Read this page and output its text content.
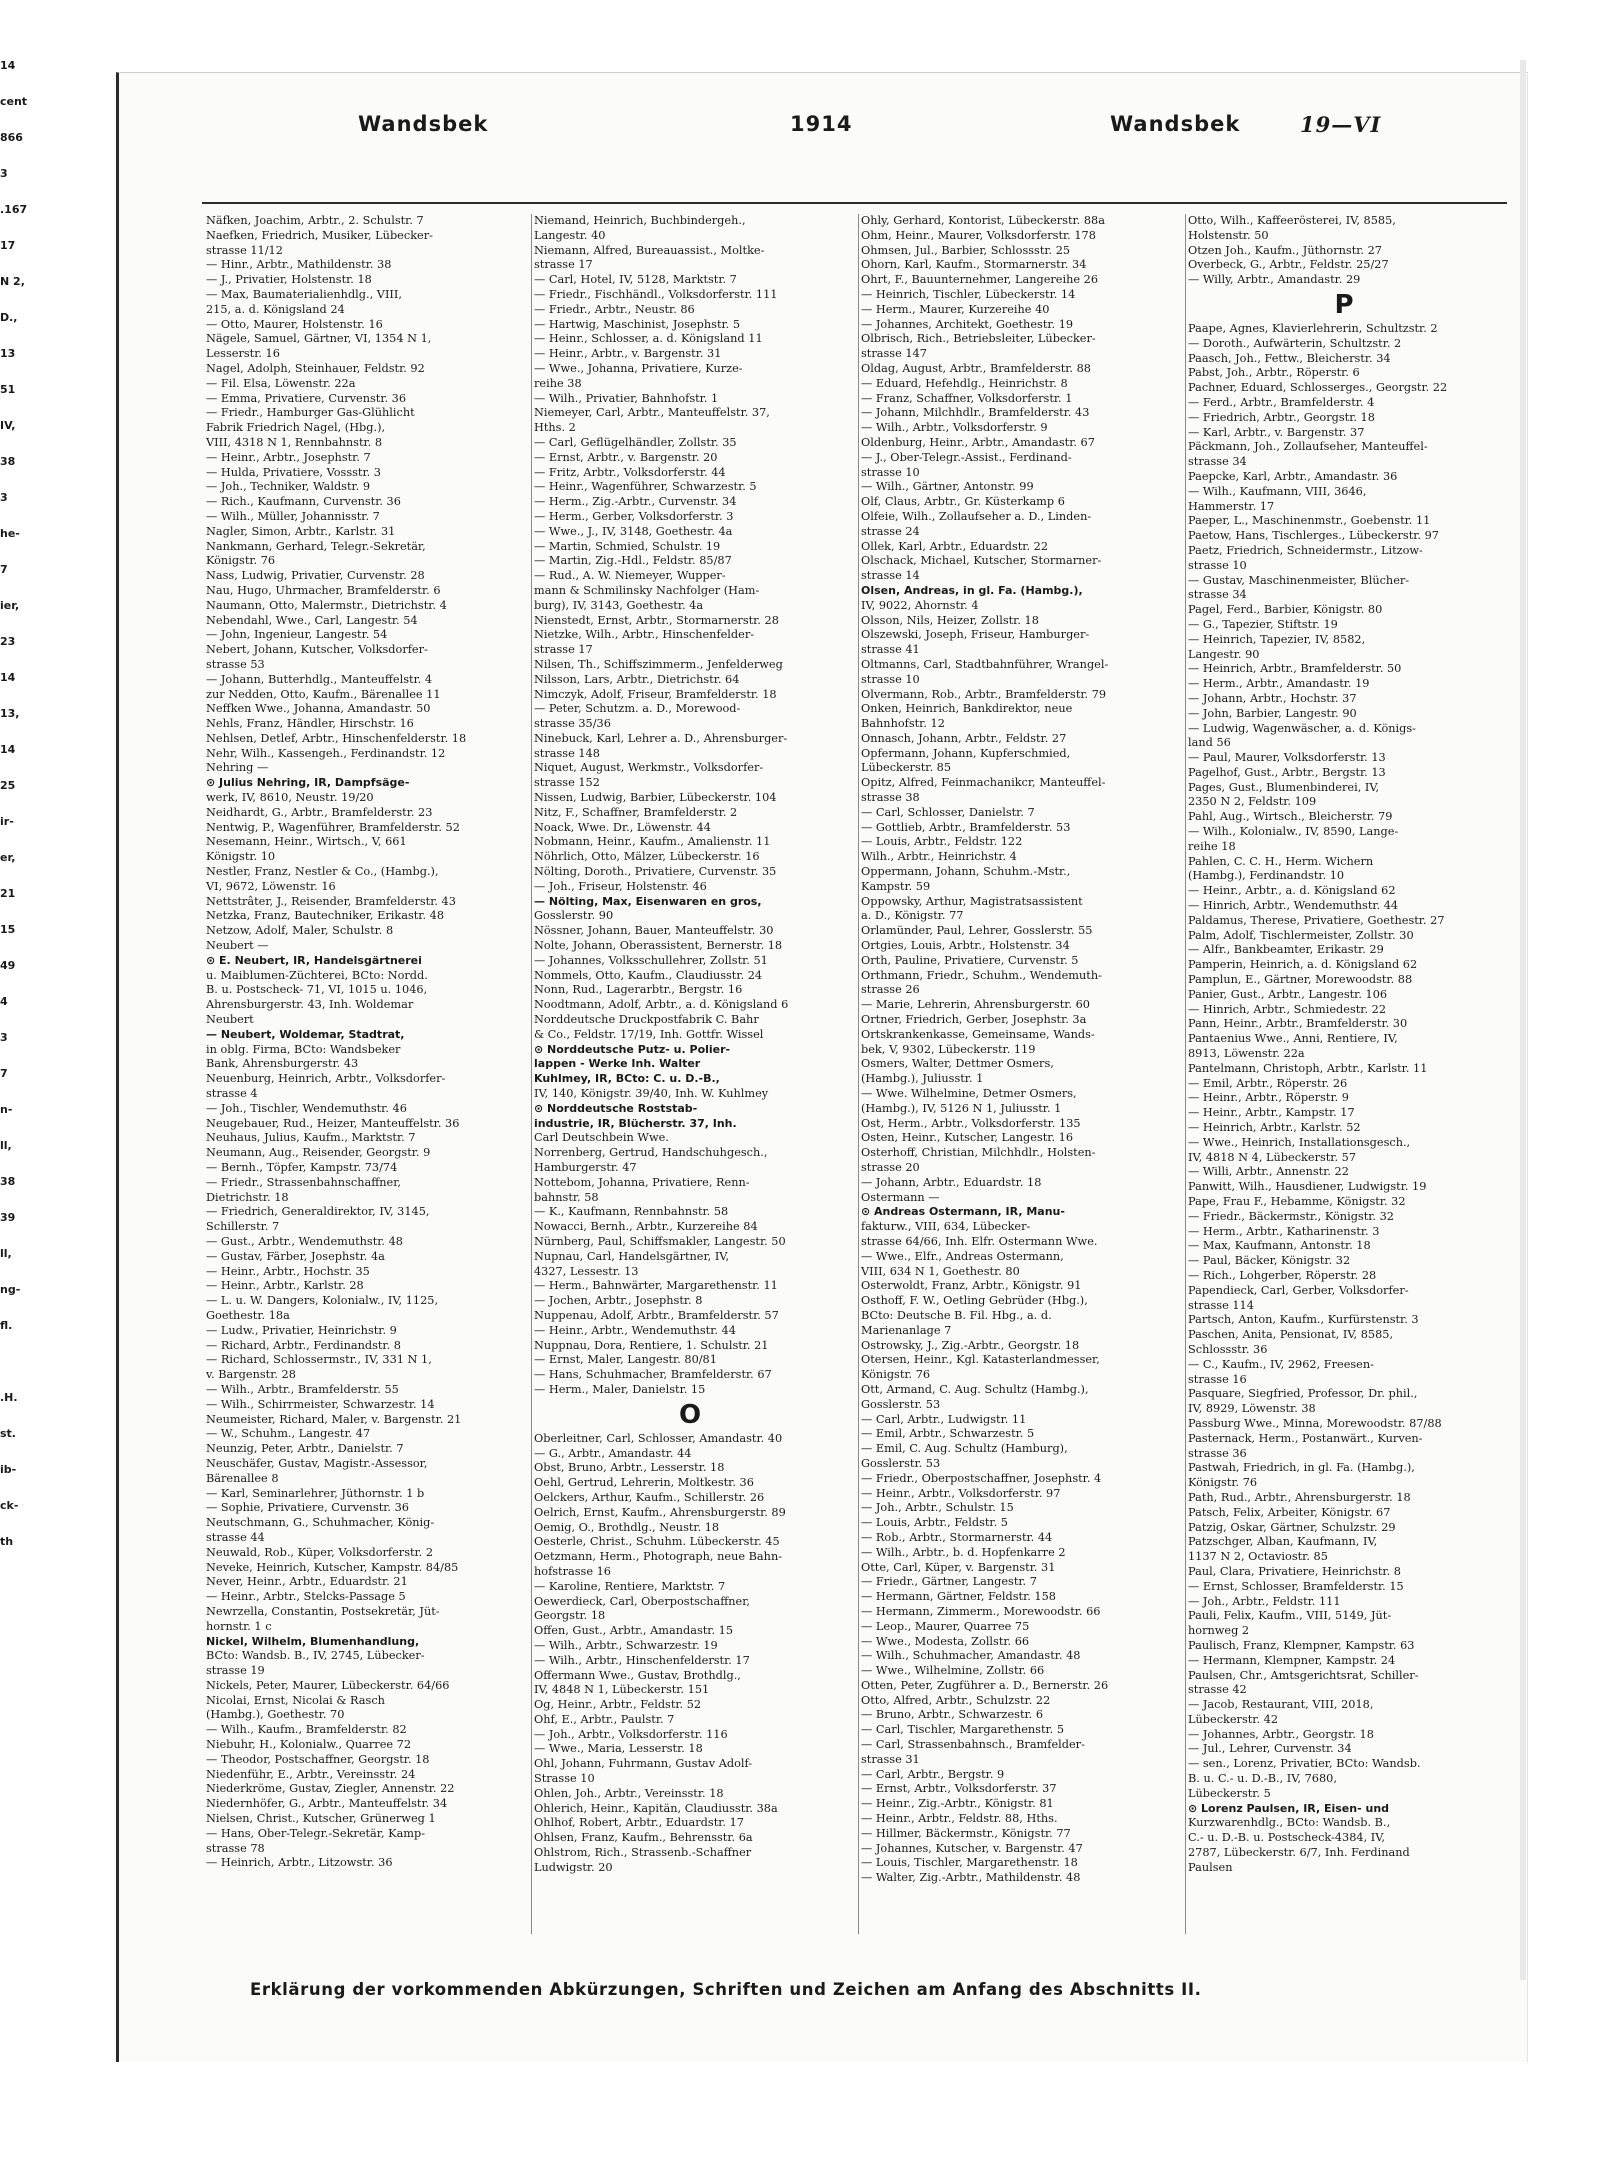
14
cent
866
3
.167
17
N 2,
D.,
13
51
IV,
38
3
he-
7
ier,
23
14
13,
14
25
ir-
er,
21
15
49
4
3
7
n-
ll,
38
39
ll,
ng-
fl.
.H.
st.
ib-
ck-
th
Wandsbek	1914	Wandsbek	19—VI
Näfken, Joachim, Arbtr., 2. Schulstr. 7
Naefken, Friedrich, Musiker, Lübecker-
strasse 11/12
— Hinr., Arbtr., Mathildenstr. 38
— J., Privatier, Holstenstr. 18
— Max, Baumaterialienhdlg., VIII,
215, a. d. Königsland 24
— Otto, Maurer, Holstenstr. 16
Nägele, Samuel, Gärtner, VI, 1354 N 1,
Lesserstr. 16
Nagel, Adolph, Steinhauer, Feldstr. 92
— Fil. Elsa, Löwenstr. 22a
— Emma, Privatiere, Curvenstr. 36
— Friedr., Hamburger Gas-Glühlicht
Fabrik Friedrich Nagel, (Hbg.),
VIII, 4318 N 1, Rennbahnstr. 8
— Heinr., Arbtr., Josephstr. 7
— Hulda, Privatiere, Vossstr. 3
— Joh., Techniker, Waldstr. 9
— Rich., Kaufmann, Curvenstr. 36
— Wilh., Müller, Johannisstr. 7
Nagler, Simon, Arbtr., Karlstr. 31
Nankmann, Gerhard, Telegr.-Sekretär,
Königstr. 76
Nass, Ludwig, Privatier, Curvenstr. 28
Nau, Hugo, Uhrmacher, Bramfelderstr. 6
Naumann, Otto, Malermstr., Dietrichstr. 4
Nebendahl, Wwe., Carl, Langestr. 54
— John, Ingenieur, Langestr. 54
Nebert, Johann, Kutscher, Volksdorfer-
strasse 53
— Johann, Butterhdlg., Manteuffelstr. 4
zur Nedden, Otto, Kaufm., Bärenallee 11
Neffken Wwe., Johanna, Amandastr. 50
Nehls, Franz, Händler, Hirschstr. 16
Nehlsen, Detlef, Arbtr., Hinschenfelderstr. 18
Nehr, Wilh., Kassengeh., Ferdinandstr. 12
Nehring —
⊙ Julius Nehring, IR, Dampfsäge-
werk, IV, 8610, Neustr. 19/20
Neidhardt, G., Arbtr., Bramfelderstr. 23
Nentwig, P., Wagenführer, Bramfelderstr. 52
Nesemann, Heinr., Wirtsch., V, 661
Königstr. 10
Nestler, Franz, Nestler & Co., (Hambg.),
VI, 9672, Löwenstr. 16
Nettstrâter, J., Reisender, Bramfelderstr. 43
Netzka, Franz, Bautechniker, Erikastr. 48
Netzow, Adolf, Maler, Schulstr. 8
Neubert —
⊙ E. Neubert, IR, Handelsgärtnerei
u. Maiblumen-Züchterei, BCto: Nordd.
B. u. Postscheck- 71, VI, 1015 u. 1046,
Ahrensburgerstr. 43, Inh. Woldemar
Neubert
— Neubert, Woldemar, Stadtrat,
in oblg. Firma, BCto: Wandsbeker
Bank, Ahrensburgerstr. 43
Neuenburg, Heinrich, Arbtr., Volksdorfer-
strasse 4
— Joh., Tischler, Wendemuthstr. 46
Neugebauer, Rud., Heizer, Manteuffelstr. 36
Neuhaus, Julius, Kaufm., Marktstr. 7
Neumann, Aug., Reisender, Georgstr. 9
— Bernh., Töpfer, Kampstr. 73/74
— Friedr., Strassenbahnschaffner,
Dietrichstr. 18
— Friedrich, Generaldirektor, IV, 3145,
Schillerstr. 7
— Gust., Arbtr., Wendemuthstr. 48
— Gustav, Färber, Josephstr. 4a
— Heinr., Arbtr., Hochstr. 35
— Heinr., Arbtr., Karlstr. 28
— L. u. W. Dangers, Kolonialw., IV, 1125,
Goethestr. 18a
— Ludw., Privatier, Heinrichstr. 9
— Richard, Arbtr., Ferdinandstr. 8
— Richard, Schlossermstr., IV, 331 N 1,
v. Bargenstr. 28
— Wilh., Arbtr., Bramfelderstr. 55
— Wilh., Schirrmeister, Schwarzestr. 14
Neumeister, Richard, Maler, v. Bargenstr. 21
— W., Schuhm., Langestr. 47
Neunzig, Peter, Arbtr., Danielstr. 7
Neuschäfer, Gustav, Magistr.-Assessor,
Bärenallee 8
— Karl, Seminarlehrer, Jüthornstr. 1 b
— Sophie, Privatiere, Curvenstr. 36
Neutschmann, G., Schuhmacher, König-
strasse 44
Neuwald, Rob., Küper, Volksdorferstr. 2
Neveke, Heinrich, Kutscher, Kampstr. 84/85
Never, Heinr., Arbtr., Eduardstr. 21
— Heinr., Arbtr., Stelcks-Passage 5
Newrzella, Constantin, Postsekretär, Jüt-
hornstr. 1 c
Nickel, Wilhelm, Blumenhandlung,
BCto: Wandsb. B., IV, 2745, Lübecker-
strasse 19
Nickels, Peter, Maurer, Lübeckerstr. 64/66
Nicolai, Ernst, Nicolai & Rasch
(Hambg.), Goethestr. 70
— Wilh., Kaufm., Bramfelderstr. 82
Niebuhr, H., Kolonialw., Quarree 72
— Theodor, Postschaffner, Georgstr. 18
Niedenführ, E., Arbtr., Vereinsstr. 24
Niederkröme, Gustav, Ziegler, Annenstr. 22
Niedernhöfer, G., Arbtr., Manteuffelstr. 34
Nielsen, Christ., Kutscher, Grünerweg 1
— Hans, Ober-Telegr.-Sekretär, Kamp-
strasse 78
— Heinrich, Arbtr., Litzowstr. 36
Niemand, Heinrich, Buchbindergeh.,
Langestr. 40
Niemann, Alfred, Bureauassist., Moltke-
strasse 17
— Carl, Hotel, IV, 5128, Marktstr. 7
— Friedr., Fischhändl., Volksdorferstr. 111
— Friedr., Arbtr., Neustr. 86
— Hartwig, Maschinist, Josephstr. 5
— Heinr., Schlosser, a. d. Königsland 11
— Heinr., Arbtr., v. Bargenstr. 31
— Wwe., Johanna, Privatiere, Kurze-
reihe 38
— Wilh., Privatier, Bahnhofstr. 1
Niemeyer, Carl, Arbtr., Manteuffelstr. 37,
Hths. 2
— Carl, Geflügelhändler, Zollstr. 35
— Ernst, Arbtr., v. Bargenstr. 20
— Fritz, Arbtr., Volksdorferstr. 44
— Heinr., Wagenführer, Schwarzestr. 5
— Herm., Zig.-Arbtr., Curvenstr. 34
— Herm., Gerber, Volksdorferstr. 3
— Wwe., J., IV, 3148, Goethestr. 4a
— Martin, Schmied, Schulstr. 19
— Martin, Zig.-Hdl., Feldstr. 85/87
— Rud., A. W. Niemeyer, Wupper-
mann & Schmilinsky Nachfolger (Ham-
burg), IV, 3143, Goethestr. 4a
Nienstedt, Ernst, Arbtr., Stormarnerstr. 28
Nietzke, Wilh., Arbtr., Hinschenfelder-
strasse 17
Nilsen, Th., Schiffszimmerm., Jenfelderweg
Nilsson, Lars, Arbtr., Dietrichstr. 64
Nimczyk, Adolf, Friseur, Bramfelderstr. 18
— Peter, Schutzm. a. D., Morewood-
strasse 35/36
Ninebuck, Karl, Lehrer a. D., Ahrensburger-
strasse 148
Niquet, August, Werkmstr., Volksdorfer-
strasse 152
Nissen, Ludwig, Barbier, Lübeckerstr. 104
Nitz, F., Schaffner, Bramfelderstr. 2
Noack, Wwe. Dr., Löwenstr. 44
Nobmann, Heinr., Kaufm., Amalienstr. 11
Nöhrlich, Otto, Mälzer, Lübeckerstr. 16
Nölting, Doroth., Privatiere, Curvenstr. 35
— Joh., Friseur, Holstenstr. 46
— Nölting, Max, Eisenwaren en gros,
Gosslerstr. 90
Nössner, Johann, Bauer, Manteuffelstr. 30
Nolte, Johann, Oberassistent, Bernerstr. 18
— Johannes, Volksschullehrer, Zollstr. 51
Nommels, Otto, Kaufm., Claudiusstr. 24
Nonn, Rud., Lagerarbtr., Bergstr. 16
Noodtmann, Adolf, Arbtr., a. d. Königsland 6
Norddeutsche Druckpostfabrik C. Bahr
& Co., Feldstr. 17/19, Inh. Gottfr. Wissel
⊙ Norddeutsche Putz- u. Polier-
lappen - Werke Inh. Walter
Kuhlmey, IR, BCto: C. u. D.-B.,
IV, 140, Königstr. 39/40, Inh. W. Kuhlmey
⊙ Norddeutsche Roststab-
industrie, IR, Blücherstr. 37, Inh.
Carl Deutschbein Wwe.
Norrenberg, Gertrud, Handschuhgesch.,
Hamburgerstr. 47
Nottebom, Johanna, Privatiere, Renn-
bahnstr. 58
— K., Kaufmann, Rennbahnstr. 58
Nowacci, Bernh., Arbtr., Kurzereihe 84
Nürnberg, Paul, Schiffsmakler, Langestr. 50
Nupnau, Carl, Handelsgärtner, IV,
4327, Lessestr. 13
— Herm., Bahnwärter, Margarethenstr. 11
— Jochen, Arbtr., Josephstr. 8
Nuppenau, Adolf, Arbtr., Bramfelderstr. 57
— Heinr., Arbtr., Wendemuthstr. 44
Nuppnau, Dora, Rentiere, 1. Schulstr. 21
— Ernst, Maler, Langestr. 80/81
— Hans, Schuhmacher, Bramfelderstr. 67
— Herm., Maler, Danielstr. 15
O
Oberleitner, Carl, Schlosser, Amandastr. 40
— G., Arbtr., Amandastr. 44
Obst, Bruno, Arbtr., Lesserstr. 18
Oehl, Gertrud, Lehrerin, Moltkestr. 36
Oelckers, Arthur, Kaufm., Schillerstr. 26
Oelrich, Ernst, Kaufm., Ahrensburgerstr. 89
Oemig, O., Brothdlg., Neustr. 18
Oesterle, Christ., Schuhm. Lübeckerstr. 45
Oetzmann, Herm., Photograph, neue Bahn-
hofstrasse 16
— Karoline, Rentiere, Marktstr. 7
Oewerdieck, Carl, Oberpostschaffner,
Georgstr. 18
Offen, Gust., Arbtr., Amandastr. 15
— Wilh., Arbtr., Schwarzestr. 19
— Wilh., Arbtr., Hinschenfelderstr. 17
Offermann Wwe., Gustav, Brothdlg.,
IV, 4848 N 1, Lübeckerstr. 151
Og, Heinr., Arbtr., Feldstr. 52
Ohf, E., Arbtr., Paulstr. 7
— Joh., Arbtr., Volksdorferstr. 116
— Wwe., Maria, Lesserstr. 18
Ohl, Johann, Fuhrmann, Gustav Adolf-
Strasse 10
Ohlen, Joh., Arbtr., Vereinsstr. 18
Ohlerich, Heinr., Kapitän, Claudiusstr. 38a
Ohlhof, Robert, Arbtr., Eduardstr. 17
Ohlsen, Franz, Kaufm., Behrensstr. 6a
Ohlstrom, Rich., Strassenb.-Schaffner
Ludwigstr. 20
Ohly, Gerhard, Kontorist, Lübeckerstr. 88a
Ohm, Heinr., Maurer, Volksdorferstr. 178
Ohmsen, Jul., Barbier, Schlossstr. 25
Ohorn, Karl, Kaufm., Stormarnerstr. 34
Ohrt, F., Bauunternehmer, Langereihe 26
— Heinrich, Tischler, Lübeckerstr. 14
— Herm., Maurer, Kurzereihe 40
— Johannes, Architekt, Goethestr. 19
Olbrisch, Rich., Betriebsleiter, Lübecker-
strasse 147
Oldag, August, Arbtr., Bramfelderstr. 88
— Eduard, Hefehdlg., Heinrichstr. 8
— Franz, Schaffner, Volksdorferstr. 1
— Johann, Milchhdlr., Bramfelderstr. 43
— Wilh., Arbtr., Volksdorferstr. 9
Oldenburg, Heinr., Arbtr., Amandastr. 67
— J., Ober-Telegr.-Assist., Ferdinand-
strasse 10
— Wilh., Gärtner, Antonstr. 99
Olf, Claus, Arbtr., Gr. Küsterkamp 6
Olfeie, Wilh., Zollaufseher a. D., Linden-
strasse 24
Ollek, Karl, Arbtr., Eduardstr. 22
Olschack, Michael, Kutscher, Stormarner-
strasse 14
Olsen, Andreas, in gl. Fa. (Hambg.),
IV, 9022, Ahornstr. 4
Olsson, Nils, Heizer, Zollstr. 18
Olszewski, Joseph, Friseur, Hamburger-
strasse 41
Oltmanns, Carl, Stadtbahnführer, Wrangel-
strasse 10
Olvermann, Rob., Arbtr., Bramfelderstr. 79
Onken, Heinrich, Bankdirektor, neue
Bahnhofstr. 12
Onnasch, Johann, Arbtr., Feldstr. 27
Opfermann, Johann, Kupferschmied,
Lübeckerstr. 85
Opitz, Alfred, Feinmachanikcr, Manteuffel-
strasse 38
— Carl, Schlosser, Danielstr. 7
— Gottlieb, Arbtr., Bramfelderstr. 53
— Louis, Arbtr., Feldstr. 122
Wilh., Arbtr., Heinrichstr. 4
Oppermann, Johann, Schuhm.-Mstr.,
Kampstr. 59
Oppowsky, Arthur, Magistratsassistent
a. D., Königstr. 77
Orlamünder, Paul, Lehrer, Gosslerstr. 55
Ortgies, Louis, Arbtr., Holstenstr. 34
Orth, Pauline, Privatiere, Curvenstr. 5
Orthmann, Friedr., Schuhm., Wendemuth-
strasse 26
— Marie, Lehrerin, Ahrensburgerstr. 60
Ortner, Friedrich, Gerber, Josephstr. 3a
Ortskrankenkasse, Gemeinsame, Wands-
bek, V, 9302, Lübeckerstr. 119
Osmers, Walter, Dettmer Osmers,
(Hambg.), Juliusstr. 1
— Wwe. Wilhelmine, Detmer Osmers,
(Hambg.), IV, 5126 N 1, Juliusstr. 1
Ost, Herm., Arbtr., Volksdorferstr. 135
Osten, Heinr., Kutscher, Langestr. 16
Osterhoff, Christian, Milchhdlr., Holsten-
strasse 20
— Johann, Arbtr., Eduardstr. 18
Ostermann —
⊙ Andreas Ostermann, IR, Manu-
fakturw., VIII, 634, Lübecker-
strasse 64/66, Inh. Elfr. Ostermann Wwe.
— Wwe., Elfr., Andreas Ostermann,
VIII, 634 N 1, Goethestr. 80
Osterwoldt, Franz, Arbtr., Königstr. 91
Osthoff, F. W., Oetling Gebrüder (Hbg.),
BCto: Deutsche B. Fil. Hbg., a. d.
Marienanlage 7
Ostrowsky, J., Zig.-Arbtr., Georgstr. 18
Otersen, Heinr., Kgl. Katasterlandmesser,
Königstr. 76
Ott, Armand, C. Aug. Schultz (Hambg.),
Gosslerstr. 53
— Carl, Arbtr., Ludwigstr. 11
— Emil, Arbtr., Schwarzestr. 5
— Emil, C. Aug. Schultz (Hamburg),
Gosslerstr. 53
— Friedr., Oberpostschaffner, Josephstr. 4
— Heinr., Arbtr., Volksdorferstr. 97
— Joh., Arbtr., Schulstr. 15
— Louis, Arbtr., Feldstr. 5
— Rob., Arbtr., Stormarnerstr. 44
— Wilh., Arbtr., b. d. Hopfenkarre 2
Otte, Carl, Küper, v. Bargenstr. 31
— Friedr., Gärtner, Langestr. 7
— Hermann, Gärtner, Feldstr. 158
— Hermann, Zimmerm., Morewoodstr. 66
— Leop., Maurer, Quarree 75
— Wwe., Modesta, Zollstr. 66
— Wilh., Schuhmacher, Amandastr. 48
— Wwe., Wilhelmine, Zollstr. 66
Otten, Peter, Zugführer a. D., Bernerstr. 26
Otto, Alfred, Arbtr., Schulzstr. 22
— Bruno, Arbtr., Schwarzestr. 6
— Carl, Tischler, Margarethenstr. 5
— Carl, Strassenbahnsch., Bramfelder-
strasse 31
— Carl, Arbtr., Bergstr. 9
— Ernst, Arbtr., Volksdorferstr. 37
— Heinr., Zig.-Arbtr., Königstr. 81
— Heinr., Arbtr., Feldstr. 88, Hths.
— Hillmer, Bäckermstr., Königstr. 77
— Johannes, Kutscher, v. Bargenstr. 47
— Louis, Tischler, Margarethenstr. 18
— Walter, Zig.-Arbtr., Mathildenstr. 48
Otto, Wilh., Kaffeerösterei, IV, 8585,
Holstenstr. 50
Otzen Joh., Kaufm., Jüthornstr. 27
Overbeck, G., Arbtr., Feldstr. 25/27
— Willy, Arbtr., Amandastr. 29
P
Paape, Agnes, Klavierlehrerin, Schultzstr. 2
— Doroth., Aufwärterin, Schultzstr. 2
Paasch, Joh., Fettw., Bleicherstr. 34
Pabst, Joh., Arbtr., Röperstr. 6
Pachner, Eduard, Schlosserges., Georgstr. 22
— Ferd., Arbtr., Bramfelderstr. 4
— Friedrich, Arbtr., Georgstr. 18
— Karl, Arbtr., v. Bargenstr. 37
Päckmann, Joh., Zollaufseher, Manteuffel-
strasse 34
Paepcke, Karl, Arbtr., Amandastr. 36
— Wilh., Kaufmann, VIII, 3646,
Hammerstr. 17
Paeper, L., Maschinenmstr., Goebenstr. 11
Paetow, Hans, Tischlerges., Lübeckerstr. 97
Paetz, Friedrich, Schneidermstr., Litzow-
strasse 10
— Gustav, Maschinenmeister, Blücher-
strasse 34
Pagel, Ferd., Barbier, Königstr. 80
— G., Tapezier, Stiftstr. 19
— Heinrich, Tapezier, IV, 8582,
Langestr. 90
— Heinrich, Arbtr., Bramfelderstr. 50
— Herm., Arbtr., Amandastr. 19
— Johann, Arbtr., Hochstr. 37
— John, Barbier, Langestr. 90
— Ludwig, Wagenwäscher, a. d. Königs-
land 56
— Paul, Maurer, Volksdorferstr. 13
Pagelhof, Gust., Arbtr., Bergstr. 13
Pages, Gust., Blumenbinderei, IV,
2350 N 2, Feldstr. 109
Pahl, Aug., Wirtsch., Bleicherstr. 79
— Wilh., Kolonialw., IV, 8590, Lange-
reihe 18
Pahlen, C. C. H., Herm. Wichern
(Hambg.), Ferdinandstr. 10
— Heinr., Arbtr., a. d. Königsland 62
— Hinrich, Arbtr., Wendemuthstr. 44
Paldamus, Therese, Privatiere, Goethestr. 27
Palm, Adolf, Tischlermeister, Zollstr. 30
— Alfr., Bankbeamter, Erikastr. 29
Pamperin, Heinrich, a. d. Königsland 62
Pamplun, E., Gärtner, Morewoodstr. 88
Panier, Gust., Arbtr., Langestr. 106
— Hinrich, Arbtr., Schmiedestr. 22
Pann, Heinr., Arbtr., Bramfelderstr. 30
Pantaenius Wwe., Anni, Rentiere, IV,
8913, Löwenstr. 22a
Pantelmann, Christoph, Arbtr., Karlstr. 11
— Emil, Arbtr., Röperstr. 26
— Heinr., Arbtr., Röperstr. 9
— Heinr., Arbtr., Kampstr. 17
— Heinrich, Arbtr., Karlstr. 52
— Wwe., Heinrich, Installationsgesch.,
IV, 4818 N 4, Lübeckerstr. 57
— Willi, Arbtr., Annenstr. 22
Panwitt, Wilh., Hausdiener, Ludwigstr. 19
Pape, Frau F., Hebamme, Königstr. 32
— Friedr., Bäckermstr., Königstr. 32
— Herm., Arbtr., Katharinenstr. 3
— Max, Kaufmann, Antonstr. 18
— Paul, Bäcker, Königstr. 32
— Rich., Lohgerber, Röperstr. 28
Papendieck, Carl, Gerber, Volksdorfer-
strasse 114
Partsch, Anton, Kaufm., Kurfürstenstr. 3
Paschen, Anita, Pensionat, IV, 8585,
Schlossstr. 36
— C., Kaufm., IV, 2962, Freesen-
strasse 16
Pasquare, Siegfried, Professor, Dr. phil.,
IV, 8929, Löwenstr. 38
Passburg Wwe., Minna, Morewoodstr. 87/88
Pasternack, Herm., Postanwärt., Kurven-
strasse 36
Pastwah, Friedrich, in gl. Fa. (Hambg.),
Königstr. 76
Path, Rud., Arbtr., Ahrensburgerstr. 18
Patsch, Felix, Arbeiter, Königstr. 67
Patzig, Oskar, Gärtner, Schulzstr. 29
Patzschger, Alban, Kaufmann, IV,
1137 N 2, Octaviostr. 85
Paul, Clara, Privatiere, Heinrichstr. 8
— Ernst, Schlosser, Bramfelderstr. 15
— Joh., Arbtr., Feldstr. 111
Pauli, Felix, Kaufm., VIII, 5149, Jüt-
hornweg 2
Paulisch, Franz, Klempner, Kampstr. 63
— Hermann, Klempner, Kampstr. 24
Paulsen, Chr., Amtsgerichtsrat, Schiller-
strasse 42
— Jacob, Restaurant, VIII, 2018,
Lübeckerstr. 42
— Johannes, Arbtr., Georgstr. 18
— Jul., Lehrer, Curvenstr. 34
— sen., Lorenz, Privatier, BCto: Wandsb.
B. u. C.- u. D.-B., IV, 7680,
Lübeckerstr. 5
⊙ Lorenz Paulsen, IR, Eisen- und
Kurzwarenhdlg., BCto: Wandsb. B.,
C.- u. D.-B. u. Postscheck-4384, IV,
2787, Lübeckerstr. 6/7, Inh. Ferdinand
Paulsen
Erklärung der vorkommenden Abkürzungen, Schriften und Zeichen am Anfang des Abschnitts II.
